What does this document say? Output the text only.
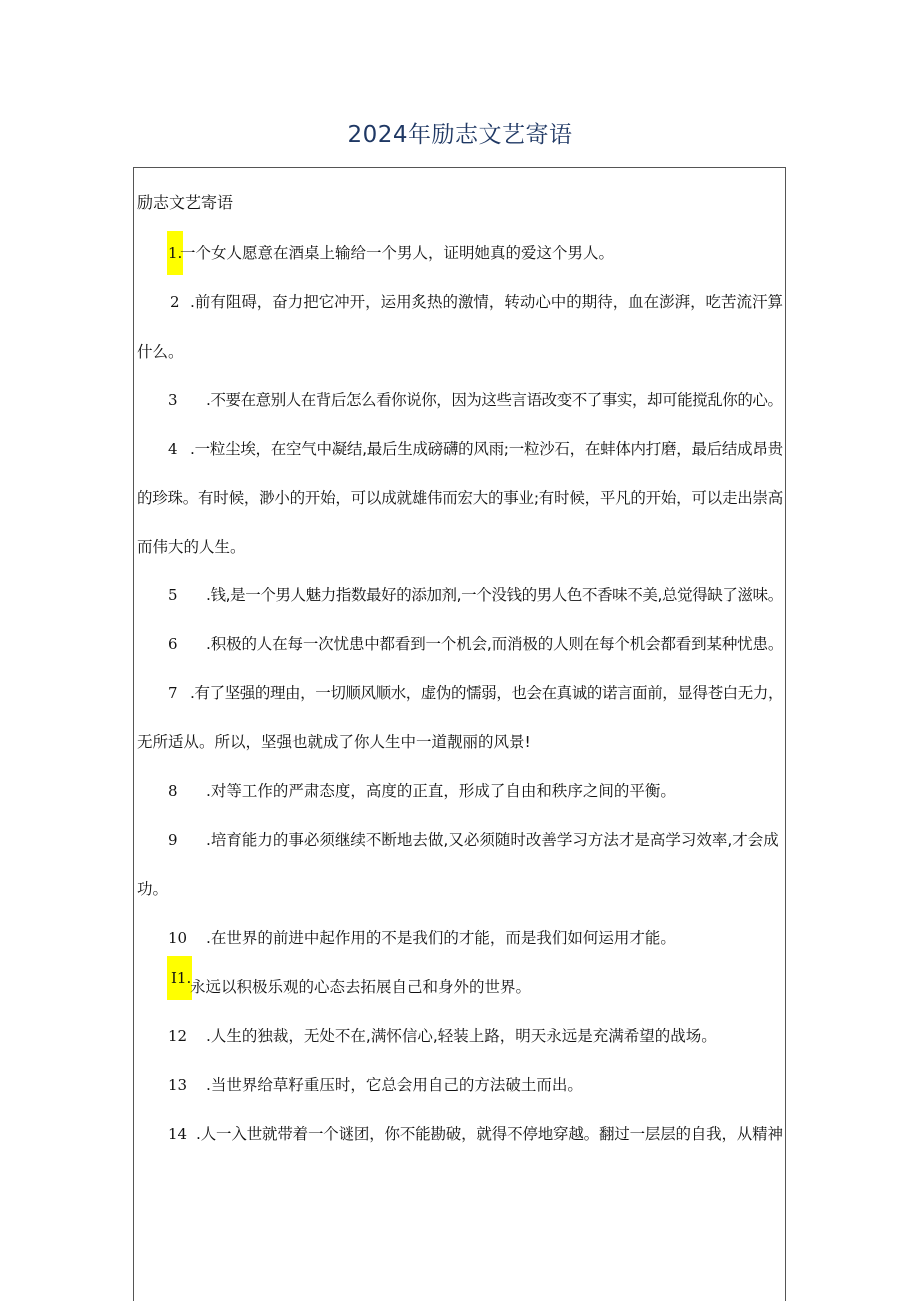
2024年励志文艺寄语
励志文艺寄语
1.
一个女人愿意在酒桌上输给一个男人，证明她真的爱这个男人。
2 .前有阻碍，奋力把它冲开，运用炙热的激情，转动心中的期待，血在澎湃，吃苦流汗算
什么。
3 .不要在意别人在背后怎么看你说你，因为这些言语改变不了事实，却可能搅乱你的心。
4 .一粒尘埃，在空气中凝结,最后生成磅礴的风雨;一粒沙石，在蚌体内打磨，最后结成昂贵
的珍珠。有时候，渺小的开始，可以成就雄伟而宏大的事业;有时候，平凡的开始，可以走出崇高
而伟大的人生。
5 .钱,是一个男人魅力指数最好的添加剂,一个没钱的男人色不香味不美,总觉得缺了滋味。
6 .积极的人在每一次忧患中都看到一个机会,而消极的人则在每个机会都看到某种忧患。
7 .有了坚强的理由，一切顺风顺水，虚伪的懦弱，也会在真诚的诺言面前，显得苍白无力，
无所适从。所以，坚强也就成了你人生中一道靓丽的风景!
8 .对等工作的严肃态度，高度的正直，形成了自由和秩序之间的平衡。
9 .培育能力的事必须继续不断地去做,又必须随时改善学习方法才是高学习效率,才会成
功。
10 .在世界的前进中起作用的不是我们的才能，而是我们如何运用才能。
I1.
永远以积极乐观的心态去拓展自己和身外的世界。
12 .人生的独裁，无处不在,满怀信心,轻装上路，明天永远是充满希望的战场。
13 .当世界给草籽重压时，它总会用自己的方法破土而出。
14 .人一入世就带着一个谜团，你不能勘破，就得不停地穿越。翻过一层层的自我，从精神
